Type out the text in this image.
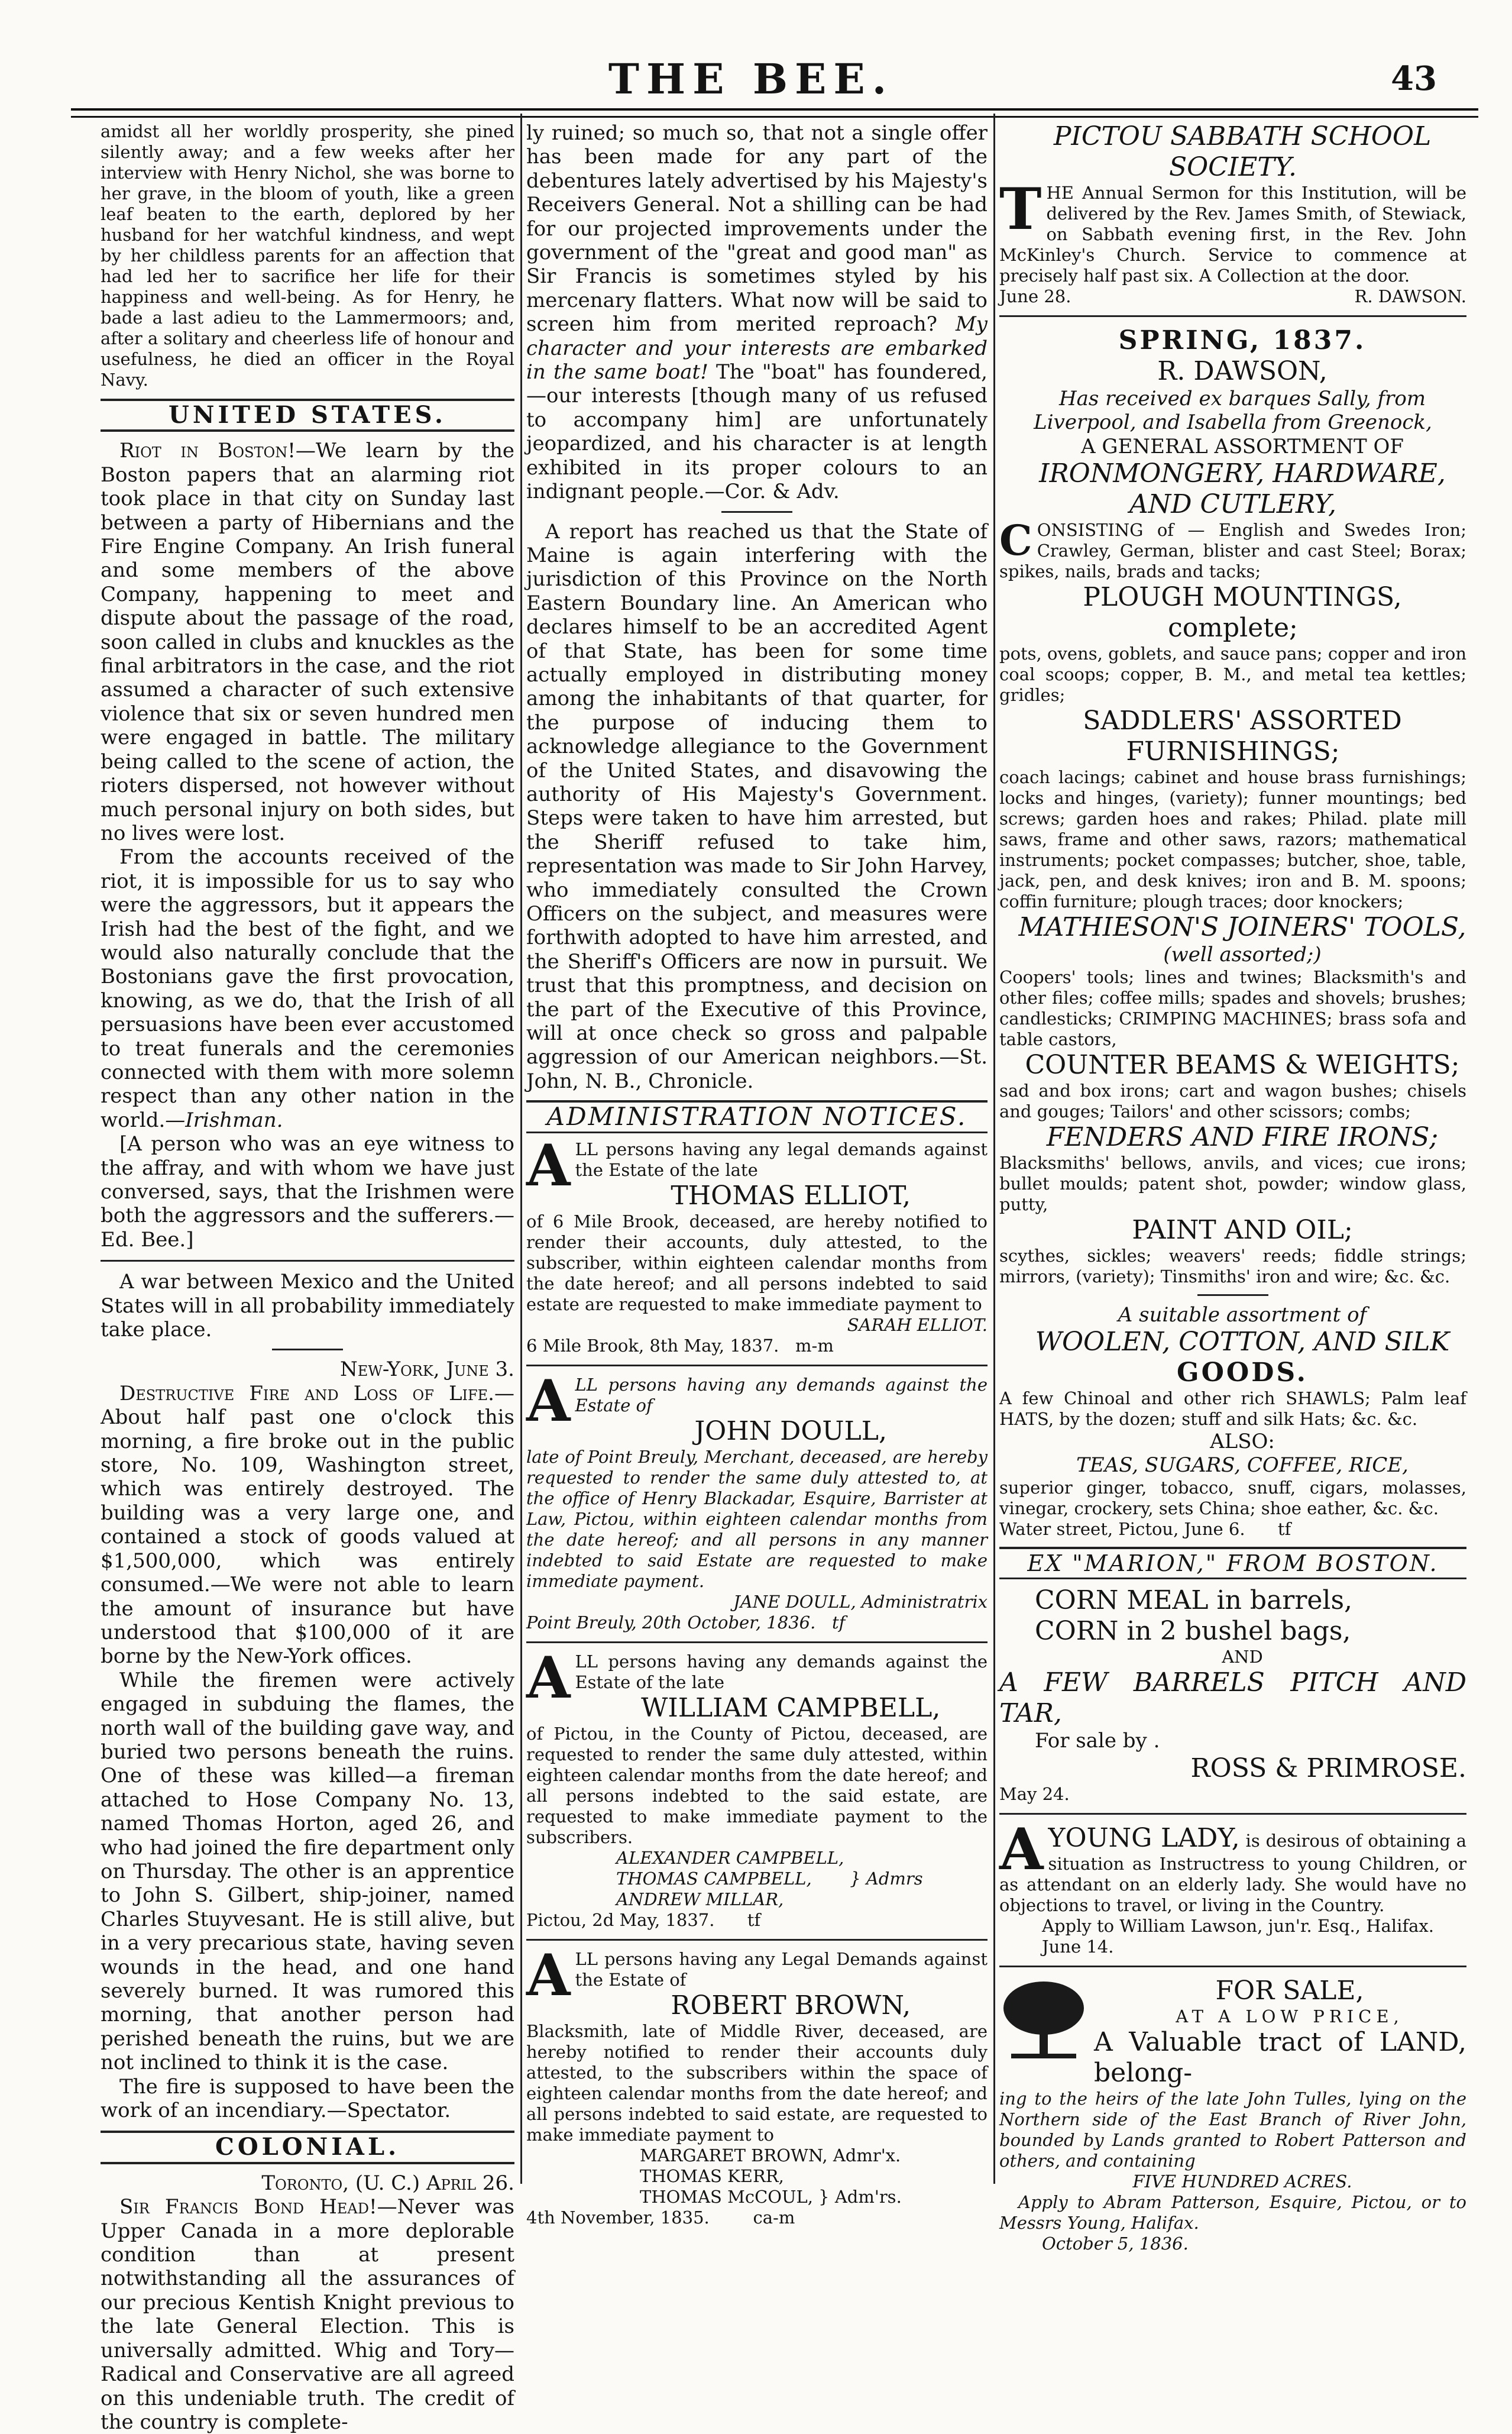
THE BEE.	43

amidst all her worldly prosperity, she pined silently away; and a few weeks after her interview with Henry Nichol, she was borne to her grave, in the bloom of youth, like a green leaf beaten to the earth, deplored by her husband for her watchful kindness, and wept by her childless parents for an affection that had led her to sacrifice her life for their happiness and well-being. As for Henry, he bade a last adieu to the Lammermoors; and, after a solitary and cheerless life of honour and usefulness, he died an officer in the Royal Navy.

UNITED STATES.

Riot in Boston!—We learn by the Boston papers that an alarming riot took place in that city on Sunday last between a party of Hibernians and the Fire Engine Company. An Irish funeral and some members of the above Company, happening to meet and dispute about the passage of the road, soon called in clubs and knuckles as the final arbitrators in the case, and the riot assumed a character of such extensive violence that six or seven hundred men were engaged in battle. The military being called to the scene of action, the rioters dispersed, not however without much personal injury on both sides, but no lives were lost.

From the accounts received of the riot, it is impossible for us to say who were the aggressors, but it appears the Irish had the best of the fight, and we would also naturally conclude that the Bostonians gave the first provocation, knowing, as we do, that the Irish of all persuasions have been ever accustomed to treat funerals and the ceremonies connected with them with more solemn respect than any other nation in the world.—Irishman.

[A person who was an eye witness to the affray, and with whom we have just conversed, says, that the Irishmen were both the aggressors and the sufferers.—Ed. Bee.]

A war between Mexico and the United States will in all probability immediately take place.

New-York, June 3.

Destructive Fire and Loss of Life.—About half past one o'clock this morning, a fire broke out in the public store, No. 109, Washington street, which was entirely destroyed. The building was a very large one, and contained a stock of goods valued at $1,500,000, which was entirely consumed.—We were not able to learn the amount of insurance but have understood that $100,000 of it are borne by the New-York offices.

While the firemen were actively engaged in subduing the flames, the north wall of the building gave way, and buried two persons beneath the ruins. One of these was killed—a fireman attached to Hose Company No. 13, named Thomas Horton, aged 26, and who had joined the fire department only on Thursday. The other is an apprentice to John S. Gilbert, ship-joiner, named Charles Stuyvesant. He is still alive, but in a very precarious state, having seven wounds in the head, and one hand severely burned. It was rumored this morning, that another person had perished beneath the ruins, but we are not inclined to think it is the case.

The fire is supposed to have been the work of an incendiary.—Spectator.

COLONIAL.

Toronto, (U. C.) April 26.

Sir Francis Bond Head!—Never was Upper Canada in a more deplorable condition than at present notwithstanding all the assurances of our precious Kentish Knight previous to the late General Election. This is universally admitted. Whig and Tory—Radical and Conservative are all agreed on this undeniable truth. The credit of the country is complete-

ly ruined; so much so, that not a single offer has been made for any part of the debentures lately advertised by his Majesty's Receivers General. Not a shilling can be had for our projected improvements under the government of the "great and good man" as Sir Francis is sometimes styled by his mercenary flatters. What now will be said to screen him from merited reproach? My character and your interests are embarked in the same boat! The "boat" has foundered,—our interests [though many of us refused to accompany him] are unfortunately jeopardized, and his character is at length exhibited in its proper colours to an indignant people.—Cor. & Adv.

A report has reached us that the State of Maine is again interfering with the jurisdiction of this Province on the North Eastern Boundary line. An American who declares himself to be an accredited Agent of that State, has been for some time actually employed in distributing money among the inhabitants of that quarter, for the purpose of inducing them to acknowledge allegiance to the Government of the United States, and disavowing the authority of His Majesty's Government. Steps were taken to have him arrested, but the Sheriff refused to take him, representation was made to Sir John Harvey, who immediately consulted the Crown Officers on the subject, and measures were forthwith adopted to have him arrested, and the Sheriff's Officers are now in pursuit. We trust that this promptness, and decision on the part of the Executive of this Province, will at once check so gross and palpable aggression of our American neighbors.—St. John, N. B., Chronicle.

ADMINISTRATION NOTICES.
A LL persons having any legal demands against the Estate of the late

THOMAS ELLIOT,

of 6 Mile Brook, deceased, are hereby notified to render their accounts, duly attested, to the subscriber, within eighteen calendar months from the date hereof; and all persons indebted to said estate are requested to make immediate payment to

SARAH ELLIOT.

6 Mile Brook, 8th May, 1837. m-m

A LL persons having any demands against the Estate of

JOHN DOULL,

late of Point Breuly, Merchant, deceased, are hereby requested to render the same duly attested to, at the office of Henry Blackadar, Esquire, Barrister at Law, Pictou, within eighteen calendar months from the date hereof; and all persons in any manner indebted to said Estate are requested to make immediate payment.

JANE DOULL, Administratrix

Point Breuly, 20th October, 1836. tf

A LL persons having any demands against the Estate of the late

WILLIAM CAMPBELL,

of Pictou, in the County of Pictou, deceased, are requested to render the same duly attested, within eighteen calendar months from the date hereof; and all persons indebted to the said estate, are requested to make immediate payment to the subscribers.

ALEXANDER CAMPBELL,

THOMAS CAMPBELL,       } Admrs

ANDREW MILLAR,

Pictou, 2d May, 1837. tf

A LL persons having any Legal Demands against the Estate of

ROBERT BROWN,

Blacksmith, late of Middle River, deceased, are hereby notified to render their accounts duly attested, to the subscribers within the space of eighteen calendar months from the date hereof; and all persons indebted to said estate, are requested to make immediate payment to

MARGARET BROWN, Admr'x.

THOMAS KERR,

THOMAS McCOUL, } Adm'rs.

4th November, 1835.	ca-m

PICTOU SABBATH SCHOOL SOCIETY.

T HE Annual Sermon for this Institution, will be delivered by the Rev. James Smith, of Stewiack, on Sabbath evening first, in the Rev. John McKinley's Church. Service to commence at precisely half past six. A Collection at the door.

June 28.	R. DAWSON.

SPRING, 1837.

R. DAWSON,

Has received ex barques Sally, from Liverpool, and Isabella from Greenock,

A GENERAL ASSORTMENT OF

IRONMONGERY, HARDWARE, AND CUTLERY,

C ONSISTING of — English and Swedes Iron; Crawley, German, blister and cast Steel; Borax; spikes, nails, brads and tacks;

PLOUGH MOUNTINGS, complete;

pots, ovens, goblets, and sauce pans; copper and iron coal scoops; copper, B. M., and metal tea kettles; gridles;

SADDLERS' ASSORTED FURNISHINGS;

coach lacings; cabinet and house brass furnishings; locks and hinges, (variety); funner mountings; bed screws; garden hoes and rakes; Philad. plate mill saws, frame and other saws, razors; mathematical instruments; pocket compasses; butcher, shoe, table, jack, pen, and desk knives; iron and B. M. spoons; coffin furniture; plough traces; door knockers;

MATHIESON'S JOINERS' TOOLS,

(well assorted;)

Coopers' tools; lines and twines; Blacksmith's and other files; coffee mills; spades and shovels; brushes; candlesticks; CRIMPING MACHINES; brass sofa and table castors,

COUNTER BEAMS & WEIGHTS;

sad and box irons; cart and wagon bushes; chisels and gouges; Tailors' and other scissors; combs;

FENDERS AND FIRE IRONS;

Blacksmiths' bellows, anvils, and vices; cue irons; bullet moulds; patent shot, powder; window glass, putty,

PAINT AND OIL;

scythes, sickles; weavers' reeds; fiddle strings; mirrors, (variety); Tinsmiths' iron and wire; &c. &c.

A suitable assortment of

WOOLEN, COTTON, AND SILK

GOODS.

A few Chinoal and other rich SHAWLS; Palm leaf HATS, by the dozen; stuff and silk Hats; &c. &c.

ALSO:

TEAS, SUGARS, COFFEE, RICE,

superior ginger, tobacco, snuff, cigars, molasses, vinegar, crockery, sets China; shoe eather, &c. &c.

Water street, Pictou, June 6. tf

EX "MARION," FROM BOSTON.

CORN MEAL in barrels,

CORN in 2 bushel bags,

AND

A FEW BARRELS PITCH AND TAR,

For sale by .

ROSS & PRIMROSE.

May 24.

A YOUNG LADY, is desirous of obtaining a situation as Instructress to young Children, or as attendant on an elderly lady. She would have no objections to travel, or living in the Country.

Apply to William Lawson, jun'r. Esq., Halifax.

June 14.

FOR SALE,

AT A LOW PRICE,

A Valuable tract of LAND, belong-

ing to the heirs of the late John Tulles, lying on the Northern side of the East Branch of River John, bounded by Lands granted to Robert Patterson and others, and containing

FIVE HUNDRED ACRES.

Apply to Abram Patterson, Esquire, Pictou, or to Messrs Young, Halifax.

October 5, 1836.
